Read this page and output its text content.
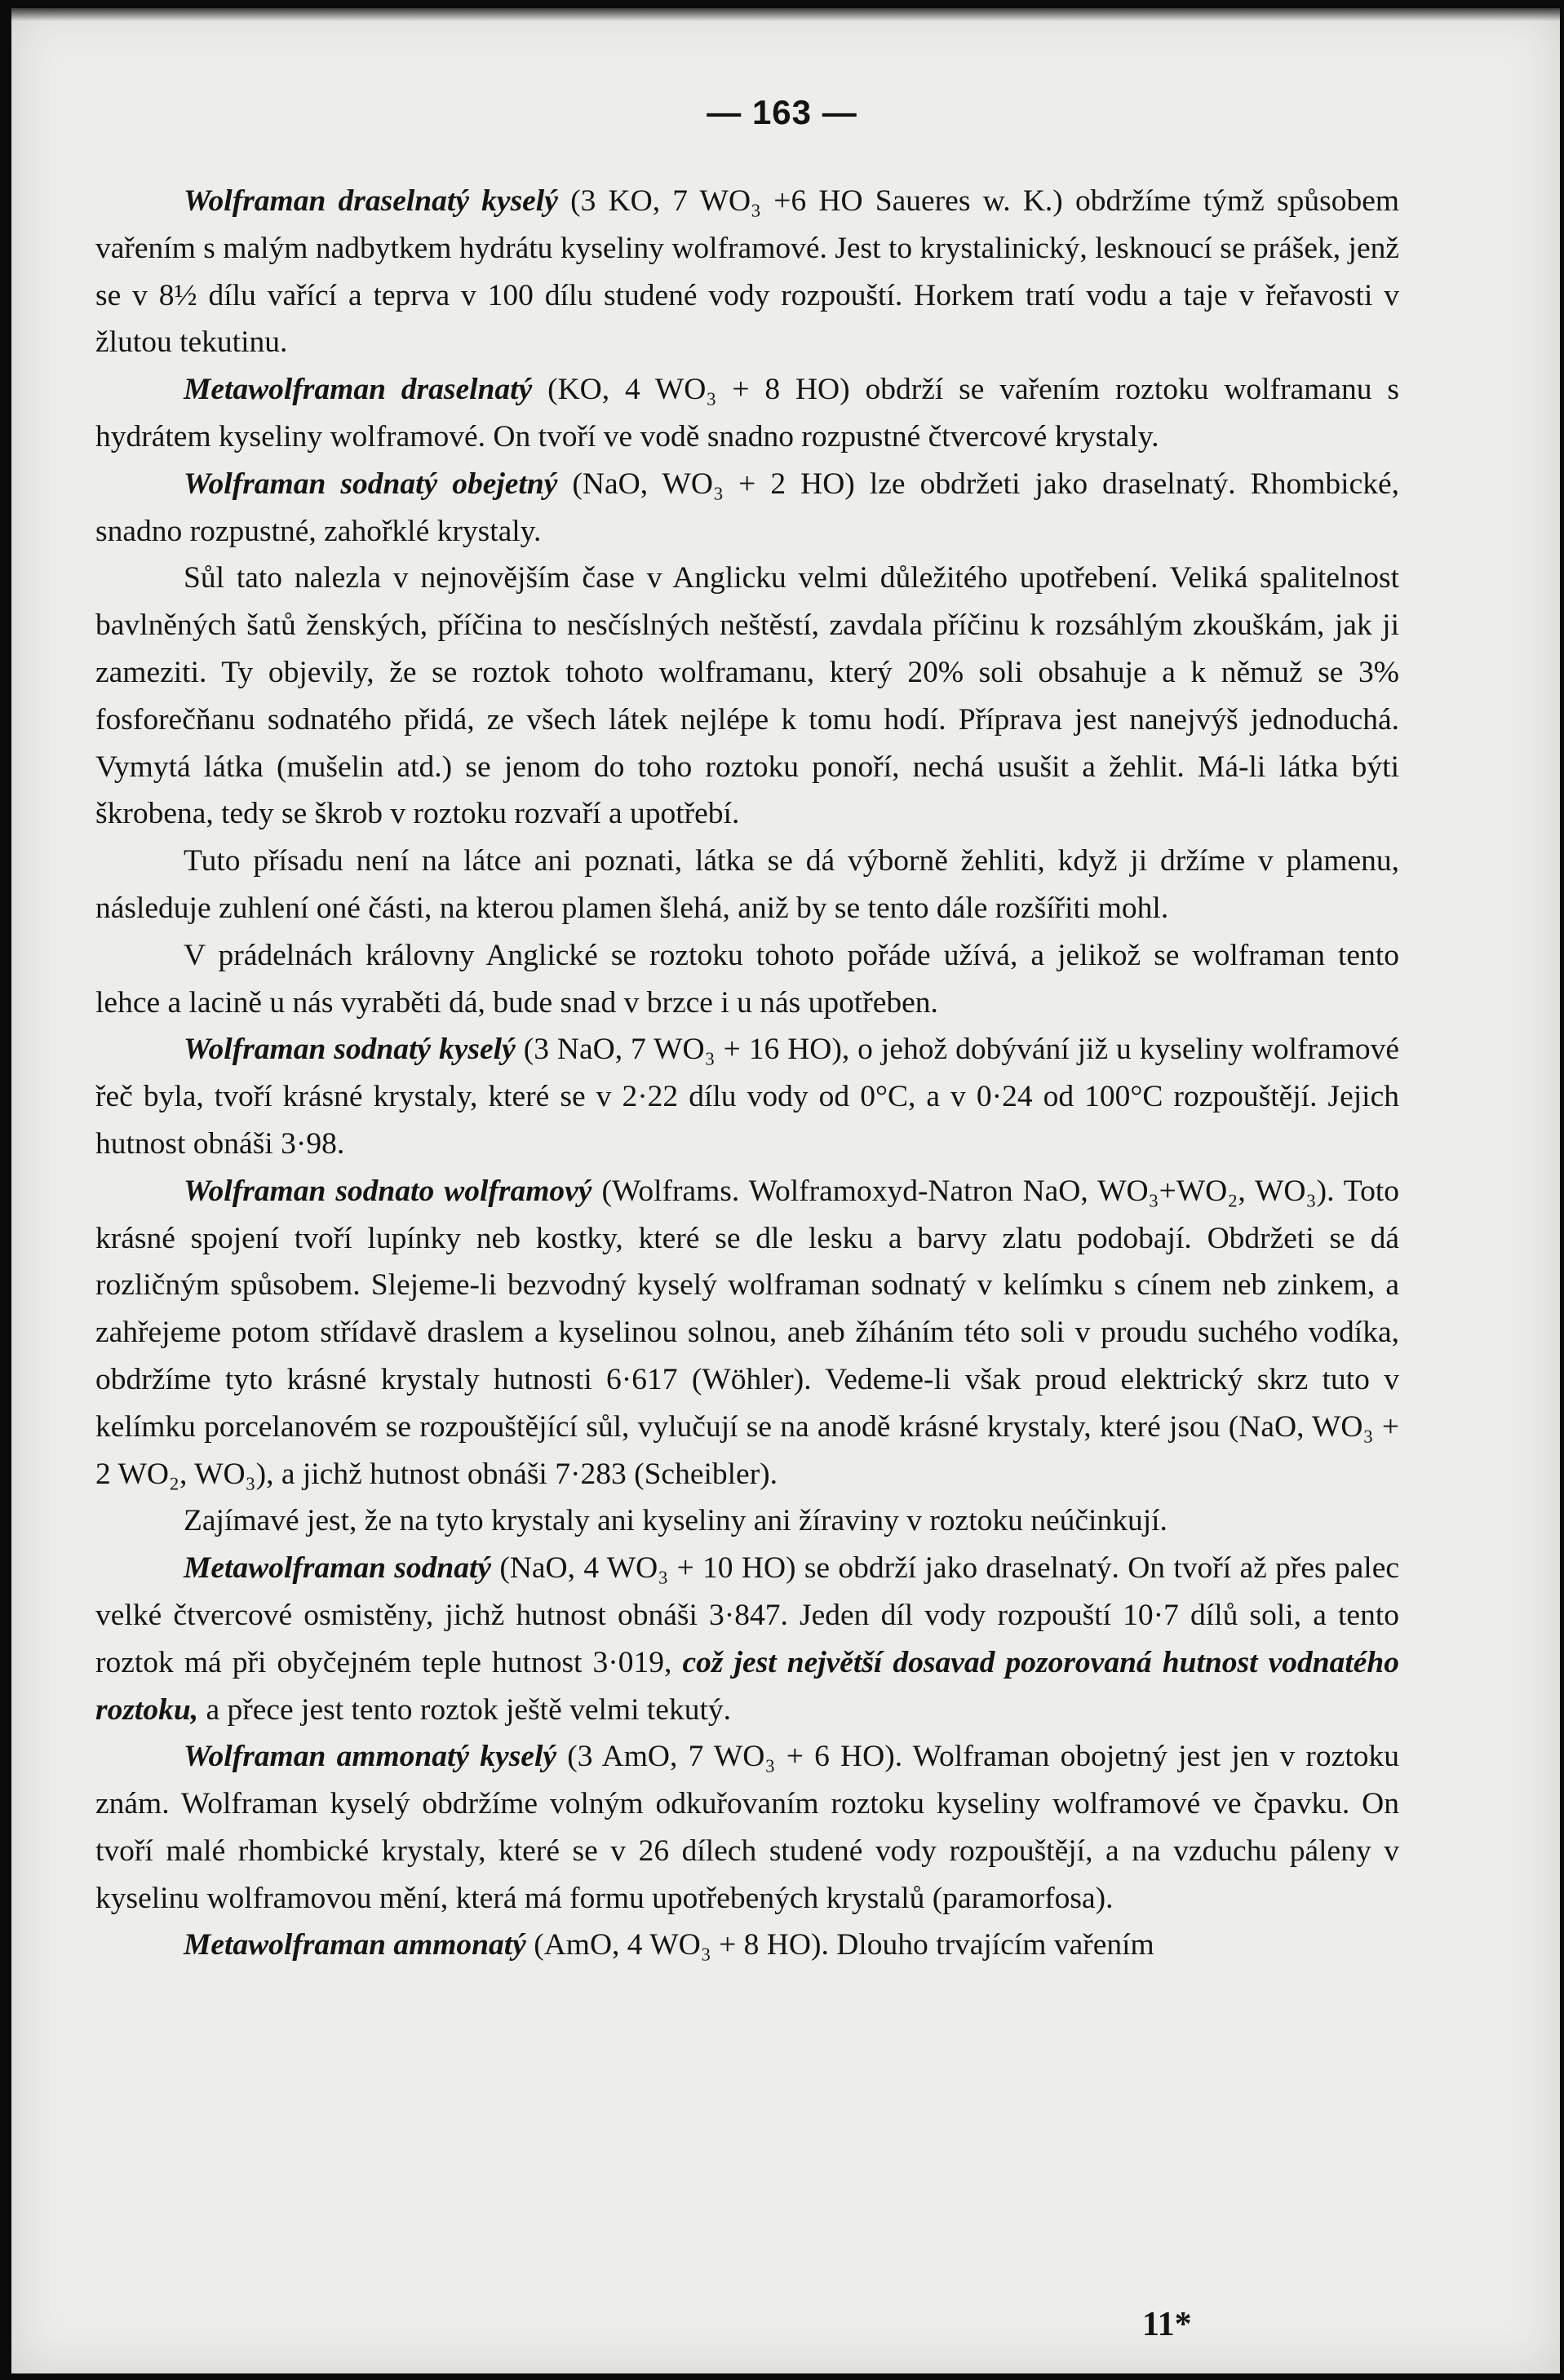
— 163 —

Wolframan draselnatý kyselý (3 KO, 7 WO₃ +6 HO Saueres w. K.) obdržíme týmž spůsobem vařením s malým nadbytkem hydrátu kyseliny wolframové. Jest to krystalinický, lesknoucí se prášek, jenž se v 8½ dílu vařící a teprva v 100 dílu studené vody rozpouští. Horkem tratí vodu a taje v řeřavosti v žlutou tekutinu.

Metawolframan draselnatý (KO, 4 WO₃ + 8 HO) obdrží se vařením roztoku wolframanu s hydrátem kyseliny wolframové. On tvoří ve vodě snadno rozpustné čtvercové krystaly.

Wolframan sodnatý obejetný (NaO, WO₃ + 2 HO) lze obdržeti jako draselnatý. Rhombické, snadno rozpustné, zahořklé krystaly.

Sůl tato nalezla v nejnovějším čase v Anglicku velmi důležitého upotřebení. Veliká spalitelnost bavlněných šatů ženských, příčina to nesčíslných neštěstí, zavdala příčinu k rozsáhlým zkouškám, jak ji zameziti. Ty objevily, že se roztok tohoto wolframanu, který 20% soli obsahuje a k němuž se 3% fosforečňanu sodnatého přidá, ze všech látek nejlépe k tomu hodí. Příprava jest nanejvýš jednoduchá. Vymytá látka (mušelin atd.) se jenom do toho roztoku ponoří, nechá usušit a žehlit. Má-li látka býti škrobena, tedy se škrob v roztoku rozvaří a upotřebí.

Tuto přísadu není na látce ani poznati, látka se dá výborně žehliti, když ji držíme v plamenu, následuje zuhlení oné části, na kterou plamen šlehá, aniž by se tento dále rozšířiti mohl.

V prádelnách královny Anglické se roztoku tohoto pořáde užívá, a jelikož se wolframan tento lehce a lacině u nás vyraběti dá, bude snad v brzce i u nás upotřeben.

Wolframan sodnatý kyselý (3 NaO, 7 WO₃ + 16 HO), o jehož dobývání již u kyseliny wolframové řeč byla, tvoří krásné krystaly, které se v 2·22 dílu vody od 0°C, a v 0·24 od 100°C rozpouštějí. Jejich hutnost obnáši 3·98.

Wolframan sodnato wolframový (Wolframs. Wolframoxyd-Natron NaO, WO₃+WO₂, WO₃). Toto krásné spojení tvoří lupínky neb kostky, které se dle lesku a barvy zlatu podobají. Obdržeti se dá rozličným spůsobem. Slejeme-li bezvodný kyselý wolframan sodnatý v kelímku s cínem neb zinkem, a zahřejeme potom střídavě draslem a kyselinou solnou, aneb žíháním této soli v proudu suchého vodíka, obdržíme tyto krásné krystaly hutnosti 6·617 (Wöhler). Vedeme-li však proud elektrický skrz tuto v kelímku porcelanovém se rozpouštějící sůl, vylučují se na anodě krásné krystaly, které jsou (NaO, WO₃ + 2 WO₂, WO₃), a jichž hutnost obnáši 7·283 (Scheibler).

Zajímavé jest, že na tyto krystaly ani kyseliny ani žíraviny v roztoku neúčinkují.

Metawolframan sodnatý (NaO, 4 WO₃ + 10 HO) se obdrží jako draselnatý. On tvoří až přes palec velké čtvercové osmistěny, jichž hutnost obnáši 3·847. Jeden díl vody rozpouští 10·7 dílů soli, a tento roztok má při obyčejném teple hutnost 3·019, což jest největší dosavad pozorovaná hutnost vodnatého roztoku, a přece jest tento roztok ještě velmi tekutý.

Wolframan ammonatý kyselý (3 AmO, 7 WO₃ + 6 HO). Wolframan obojetný jest jen v roztoku znám. Wolframan kyselý obdržíme volným odkuřovaním roztoku kyseliny wolframové ve čpavku. On tvoří malé rhombické krystaly, které se v 26 dílech studené vody rozpouštějí, a na vzduchu páleny v kyselinu wolframovou mění, která má formu upotřebených krystalů (paramorfosa).

Metawolframan ammonatý (AmO, 4 WO₃ + 8 HO). Dlouho trvajícím vařením

11*
